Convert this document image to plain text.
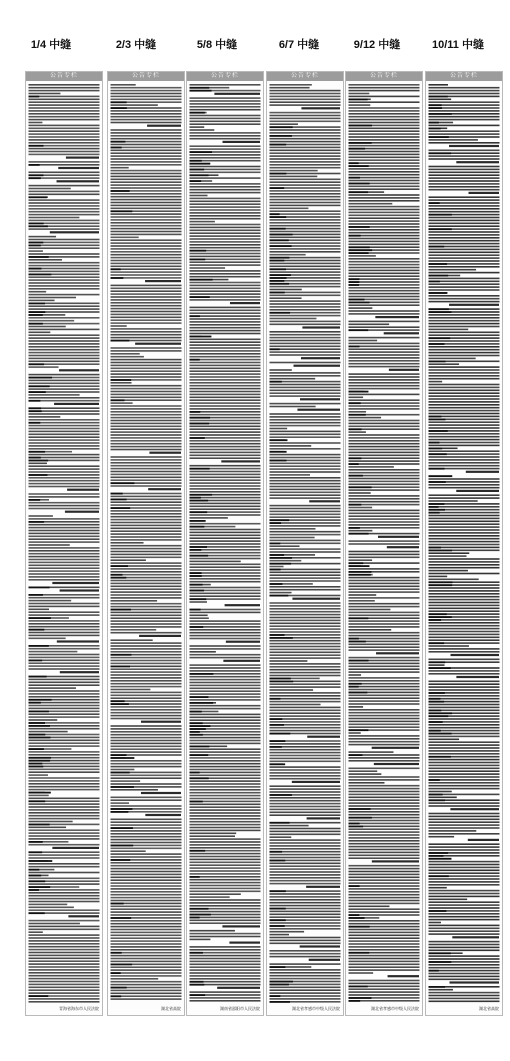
1/4 中缝	2/3 中缝	5/8 中缝	6/7 中缝	9/12 中缝	10/11 中缝
公告专栏
青海省海东市人民法院
公告专栏
湖北省高院
公告专栏
湖南省邵阳市人民法院
公告专栏
湖北省孝感市中级人民法院
公告专栏
湖北省孝感市中级人民法院
公告专栏
湖北省高院
